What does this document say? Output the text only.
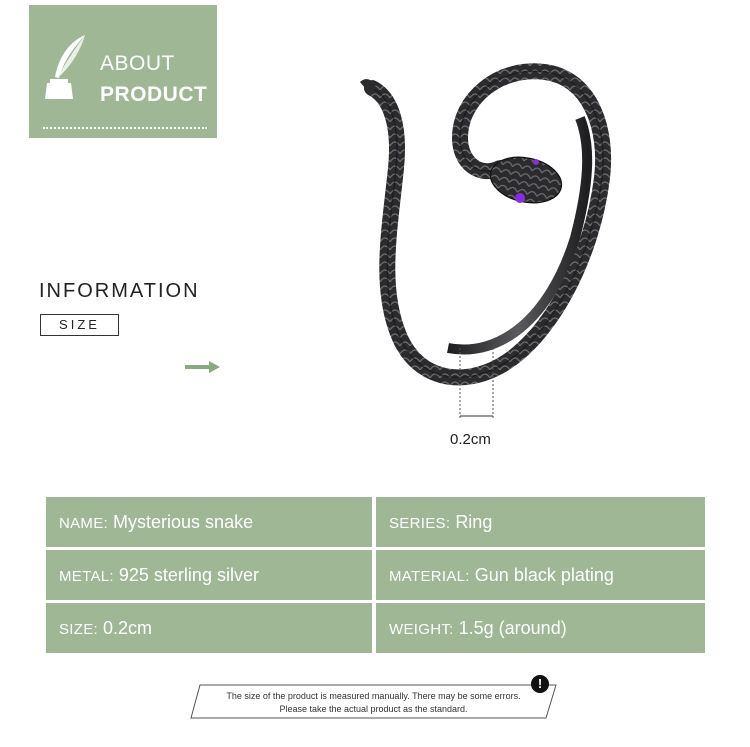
ABOUT
PRODUCT
INFORMATION
SIZE
0.2cm
NAME: Mysterious snake	SERIES: Ring
METAL: 925 sterling silver	MATERIAL: Gun black plating
SIZE: 0.2cm	WEIGHT: 1.5g (around)
The size of the product is measured manually. There may be some errors.
Please take the actual product as the standard.
!
